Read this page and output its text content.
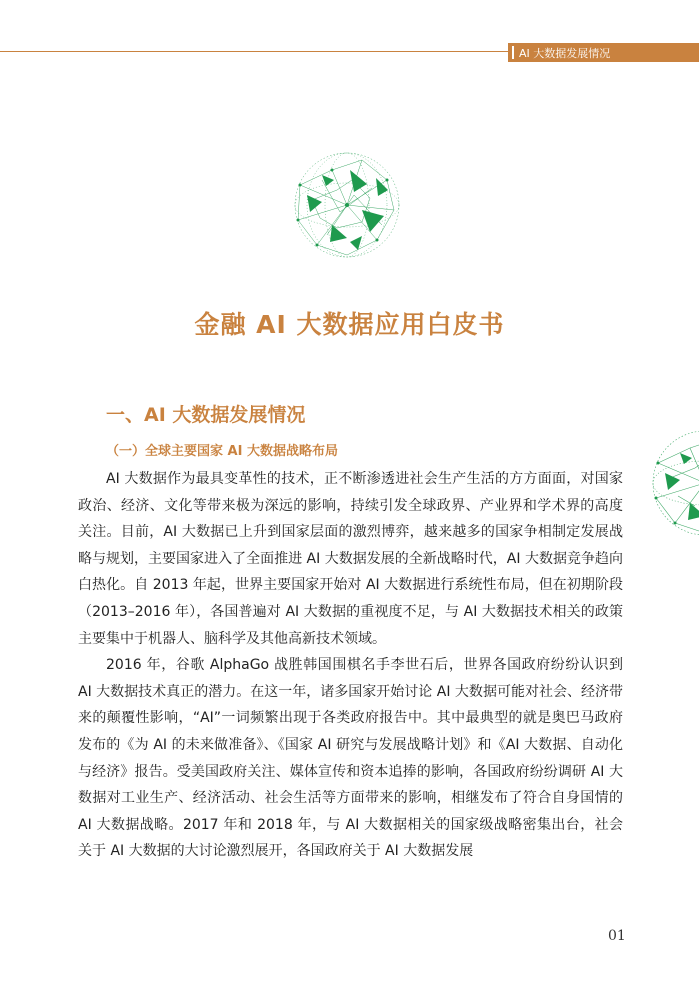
AI 大数据发展情况
金融 AI 大数据应用白皮书
一、AI 大数据发展情况
（一）全球主要国家 AI 大数据战略布局

AI 大数据作为最具变革性的技术，正不断渗透进社会生产生活的方方面面，对国家政治、经济、文化等带来极为深远的影响，持续引发全球政界、产业界和学术界的高度关注。目前，AI 大数据已上升到国家层面的激烈博弈，越来越多的国家争相制定发展战略与规划，主要国家进入了全面推进 AI 大数据发展的全新战略时代，AI 大数据竞争趋向白热化。自 2013 年起，世界主要国家开始对 AI 大数据进行系统性布局，但在初期阶段（2013–2016 年），各国普遍对 AI 大数据的重视度不足，与 AI 大数据技术相关的政策主要集中于机器人、脑科学及其他高新技术领域。

2016 年，谷歌 AlphaGo 战胜韩国围棋名手李世石后，世界各国政府纷纷认识到 AI 大数据技术真正的潜力。在这一年，诸多国家开始讨论 AI 大数据可能对社会、经济带来的颠覆性影响，“AI”一词频繁出现于各类政府报告中。其中最典型的就是奥巴马政府发布的《为 AI 的未来做准备》、《国家 AI 研究与发展战略计划》和《AI 大数据、自动化与经济》报告。受美国政府关注、媒体宣传和资本追捧的影响，各国政府纷纷调研 AI 大数据对工业生产、经济活动、社会生活等方面带来的影响，相继发布了符合自身国情的 AI 大数据战略。2017 年和 2018 年，与 AI 大数据相关的国家级战略密集出台，社会关于 AI 大数据的大讨论激烈展开，各国政府关于 AI 大数据发展

01
